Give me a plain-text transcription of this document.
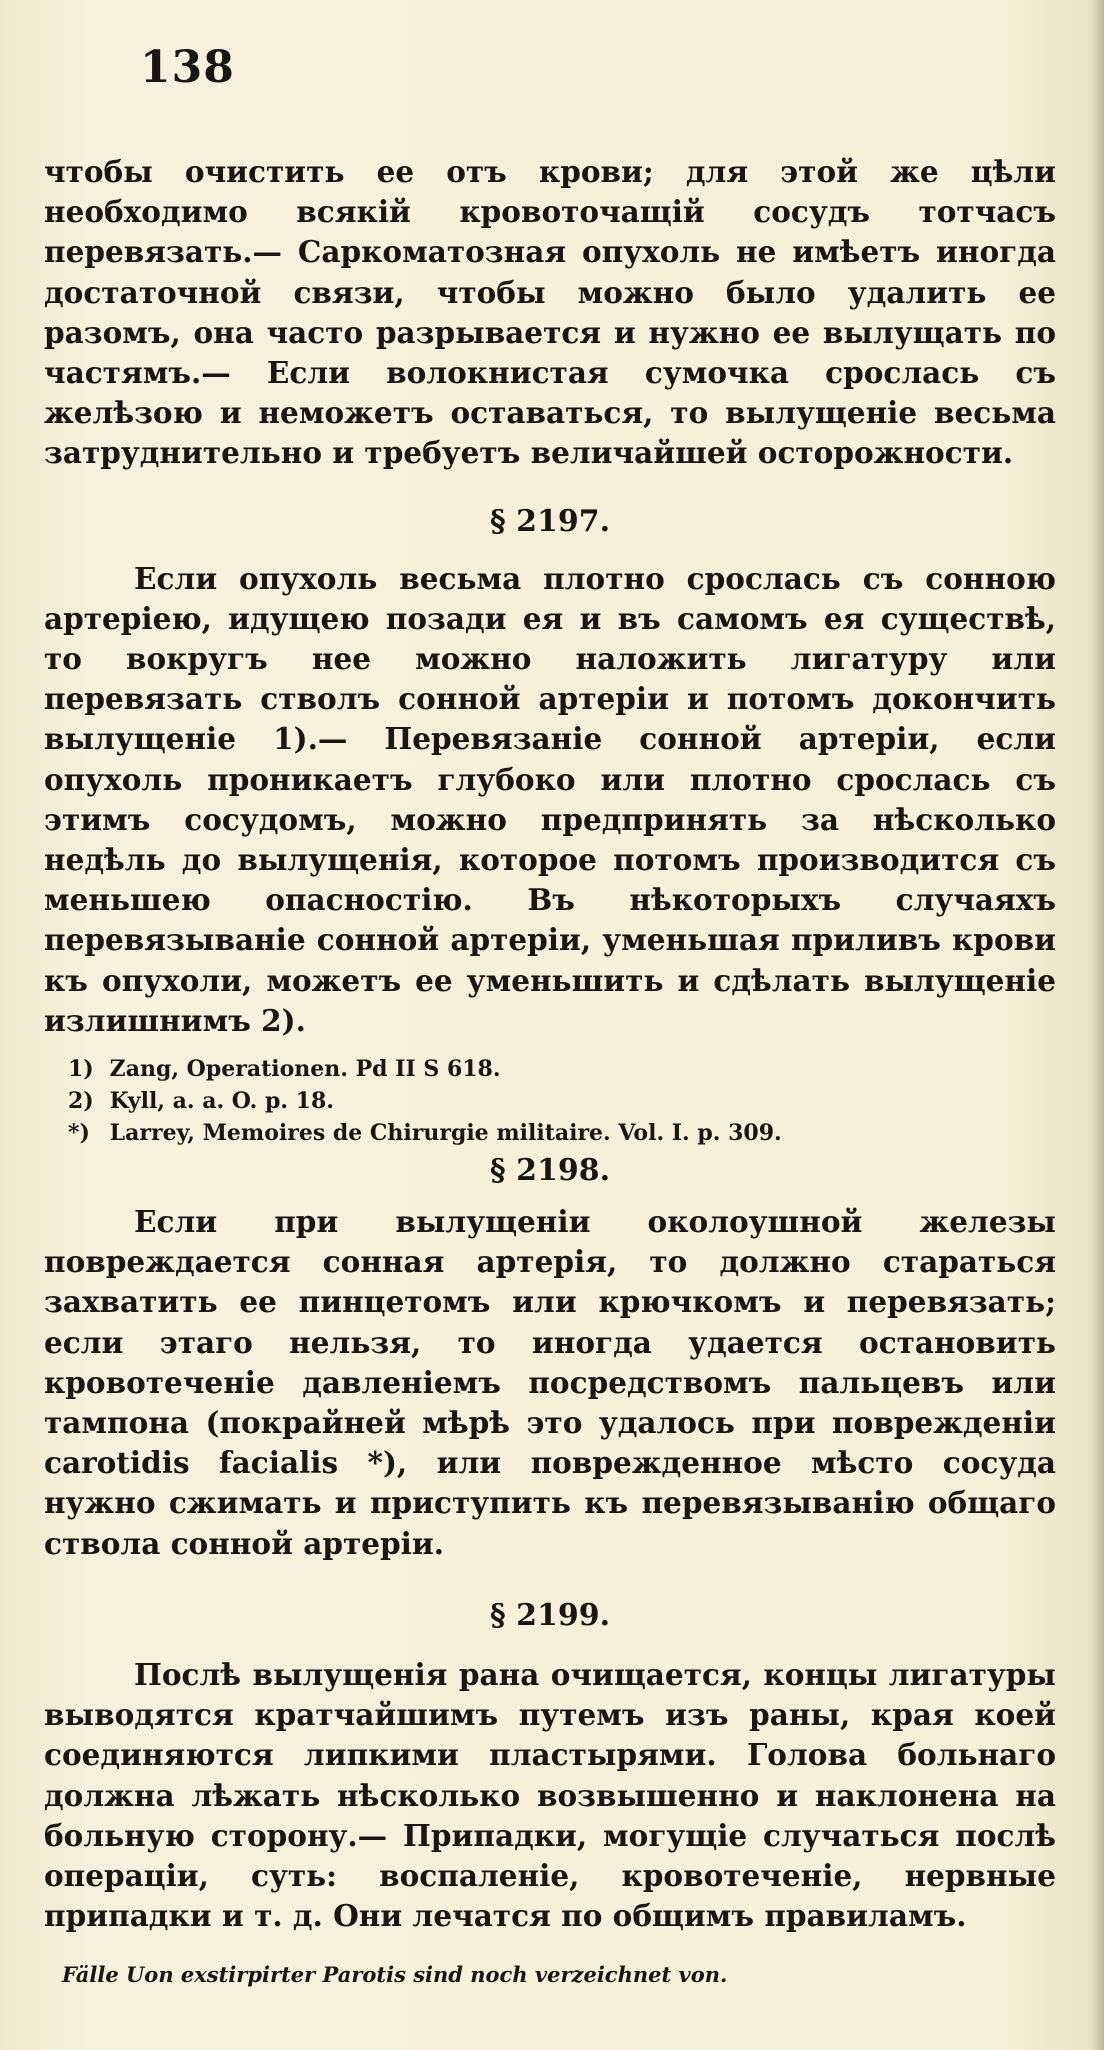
138

чтобы очистить ее отъ крови; для этой же цѣли необходимо всякій кровоточащій сосудъ тотчасъ перевязать.— Саркоматозная опухоль не имѣетъ иногда достаточной связи, чтобы можно было удалить ее разомъ, она часто разрывается и нужно ее вылущать по частямъ.— Если волокнистая сумочка срослась съ желѣзою и неможетъ оставаться, то вылущеніе весьма затруднительно и требуетъ величайшей осторожности.

§ 2197.

Если опухоль весьма плотно срослась съ сонною артеріею, идущею позади ея и въ самомъ ея существѣ, то вокругъ нее можно наложить лигатуру или перевязать стволъ сонной артеріи и потомъ докончить вылущеніе 1).— Перевязаніе сонной артеріи, если опухоль проникаетъ глубоко или плотно срослась съ этимъ сосудомъ, можно предпринять за нѣсколько недѣль до вылущенія, которое потомъ производится съ меньшею опасностію. Въ нѣкоторыхъ случаяхъ перевязываніе сонной артеріи, уменьшая приливъ крови къ опухоли, можетъ ее уменьшить и сдѣлать вылущеніе излишнимъ 2).

1) Zang, Operationen. Pd II S 618.

2) Kyll, a. a. O. p. 18.

*) Larrey, Memoires de Chirurgie militaire. Vol. I. p. 309.

§ 2198.

Если при вылущеніи околоушной железы повреждается сонная артерія, то должно стараться захватить ее пинцетомъ или крючкомъ и перевязать; если этаго нельзя, то иногда удается остановить кровотеченіе давленіемъ посредствомъ пальцевъ или тампона (покрайней мѣрѣ это удалось при поврежденіи carotidis facialis *), или поврежденное мѣсто сосуда нужно сжимать и приступить къ перевязыванію общаго ствола сонной артеріи.

§ 2199.

Послѣ вылущенія рана очищается, концы лигатуры выводятся кратчайшимъ путемъ изъ раны, края коей соединяются липкими пластырями. Голова больнаго должна лѣжать нѣсколько возвышенно и наклонена на больную сторону.— Припадки, могущіе случаться послѣ операціи, суть: воспаленіе, кровотеченіе, нервные припадки и т. д. Они лечатся по общимъ правиламъ.

Fälle Uon exstirpirter Parotis sind noch verzeichnet von.
